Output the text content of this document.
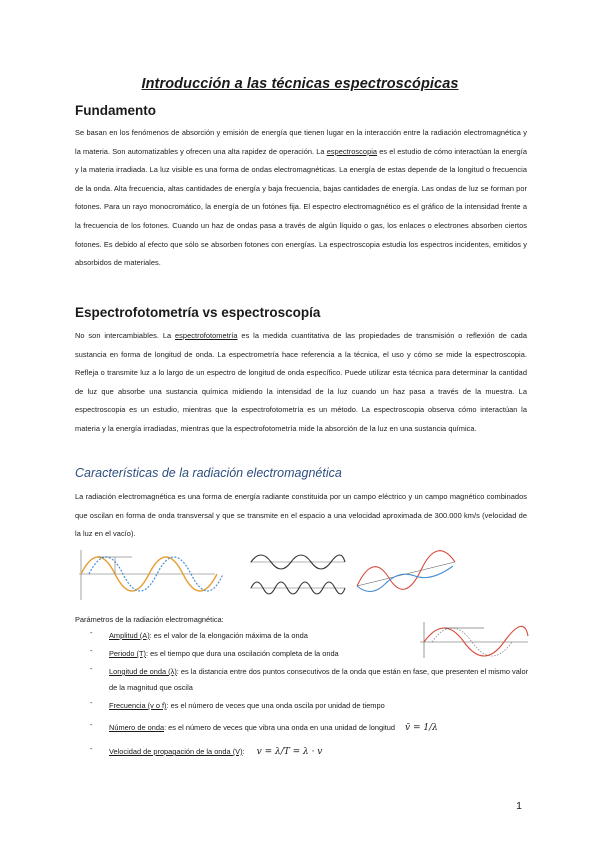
Introducción a las técnicas espectroscópicas
Fundamento
Se basan en los fenómenos de absorción y emisión de energía que tienen lugar en la interacción entre la radiación electromagnética y la materia. Son automatizables y ofrecen una alta rapidez de operación. La espectroscopia es el estudio de cómo interactúan la energía y la materia irradiada. La luz visible es una forma de ondas electromagnéticas. La energía de estas depende de la longitud o frecuencia de la onda. Alta frecuencia, altas cantidades de energía y baja frecuencia, bajas cantidades de energía. Las ondas de luz se forman por fotones. Para un rayo monocromático, la energía de un fotónes fija. El espectro electromagnético es el gráfico de la intensidad frente a la frecuencia de los fotones. Cuando un haz de ondas pasa a través de algún líquido o gas, los enlaces o electrones absorben ciertos fotones. Es debido al efecto que sólo se absorben fotones con energías. La espectroscopia estudia los espectros incidentes, emitidos y absorbidos de materiales.
Espectrofotometría vs espectroscopía
No son intercambiables. La espectrofotometría es la medida cuantitativa de las propiedades de transmisión o reflexión de cada sustancia en forma de longitud de onda. La espectrometría hace referencia a la técnica, el uso y cómo se mide la espectroscopia. Refleja o transmite luz a lo largo de un espectro de longitud de onda específico. Puede utilizar esta técnica para determinar la cantidad de luz que absorbe una sustancia química midiendo la intensidad de la luz cuando un haz pasa a través de la muestra. La espectroscopia es un estudio, mientras que la espectrofotometría es un método. La espectroscopia observa cómo interactúan la materia y la energía irradiadas, mientras que la espectrofotometría mide la absorción de la luz en una sustancia química.
Características de la radiación electromagnética
La radiación electromagnética es una forma de energía radiante constituida por un campo eléctrico y un campo magnético combinados que oscilan en forma de onda transversal y que se transmite en el espacio a una velocidad aproximada de 300.000 km/s (velocidad de la luz en el vacío).
Parámetros de la radiación electromagnética:
- Amplitud (A): es el valor de la elongación máxima de la onda
- Periodo (T): es el tiempo que dura una oscilación completa de la onda
- Longitud de onda (λ): es la distancia entre dos puntos consecutivos de la onda que están en fase, que presenten el mismo valor de la magnitud que oscila
- Frecuencia (v o f): es el número de veces que una onda oscila por unidad de tiempo
- Número de onda: es el número de veces que vibra una onda en una unidad de longitud v̄ = 1/λ
- Velocidad de propagación de la onda (V): v = λ/T = λ · v
1
